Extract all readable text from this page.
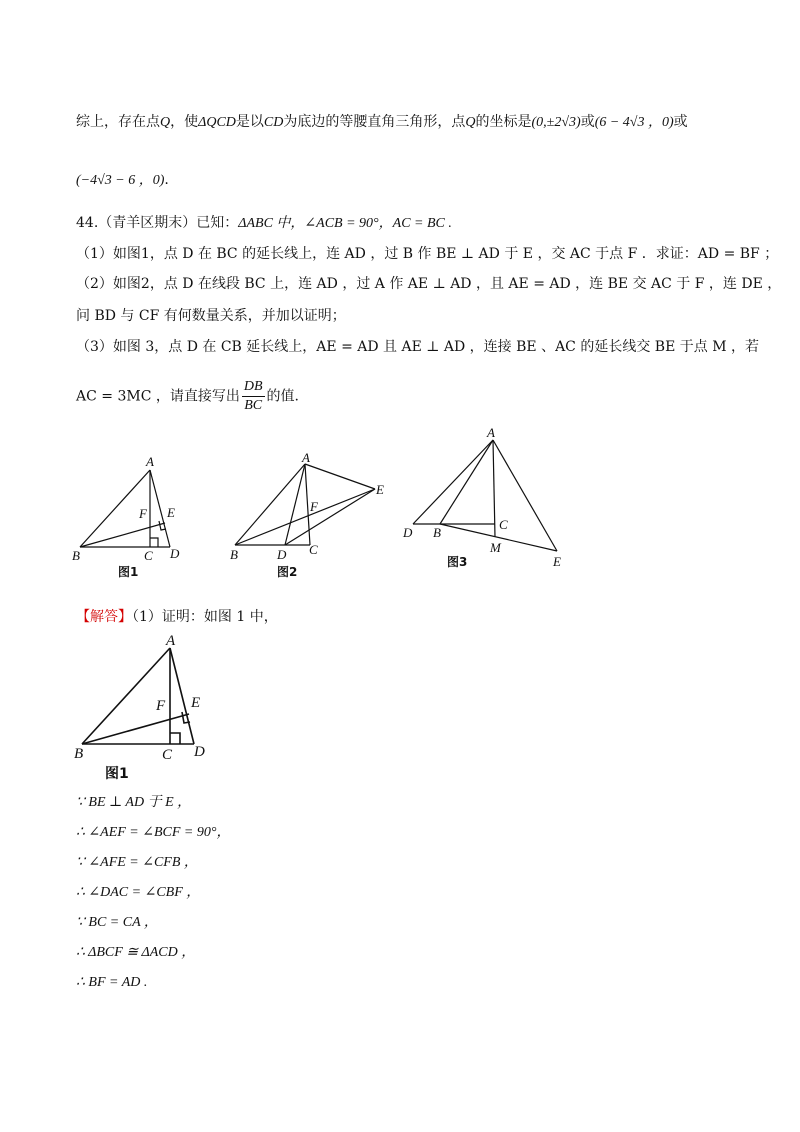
综上，存在点Q，使ΔQCD是以CD为底边的等腰直角三角形，点Q的坐标是(0,±2√3)或(6 − 4√3 ，0)或
(−4√3 − 6 ，0).
44.（青羊区期末）已知：ΔABC 中，∠ACB = 90°，AC = BC .
（1）如图1，点 D 在 BC 的延长线上，连 AD ，过 B 作 BE ⊥ AD 于 E ，交 AC 于点 F ．求证：AD = BF ；
（2）如图2，点 D 在线段 BC 上，连 AD ，过 A 作 AE ⊥ AD ，且 AE = AD ，连 BE 交 AC 于 F ，连 DE ，
问 BD 与 CF 有何数量关系，并加以证明；
（3）如图 3，点 D 在 CB 延长线上，AE = AD 且 AE ⊥ AD ，连接 BE 、AC 的延长线交 BE 于点 M ，若
AC = 3MC ，请直接写出 $\frac{DB}{BC}$ 的值.
A
B	C D
E
F
图1
A
B	C
D
E
F
图2
A
B
C
D
E
M
图3
【解答】（1）证明：如图 1 中，
A
B	C D
E
F
图1
∵ BE ⊥ AD 于 E ，
∴ ∠AEF = ∠BCF = 90°，
∵ ∠AFE = ∠CFB ，
∴ ∠DAC = ∠CBF ，
∵ BC = CA ，
∴ ΔBCF ≅ ΔACD ，
∴ BF = AD .
